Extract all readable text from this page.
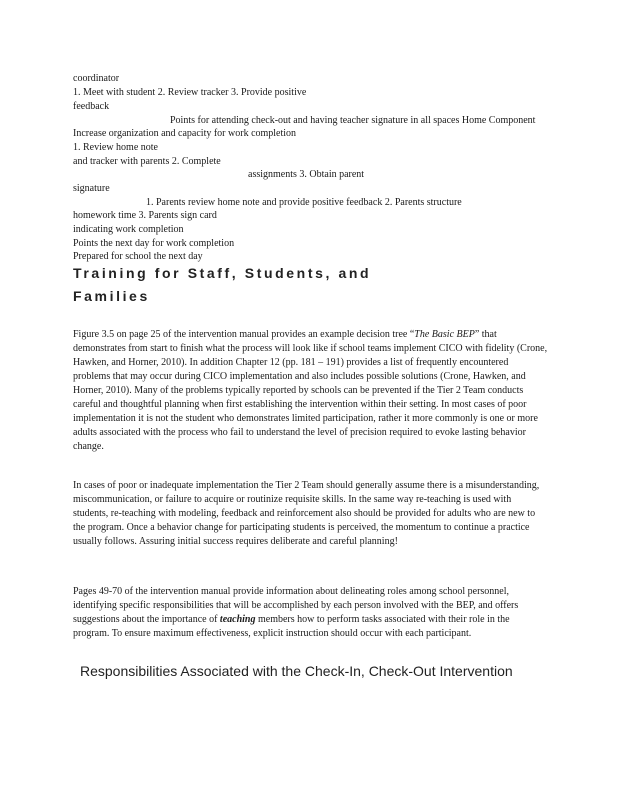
coordinator
1. Meet with student 2. Review tracker 3. Provide positive
feedback
Points for attending check-out and having teacher signature in all spaces Home Component
Increase organization and capacity for work completion
1. Review home note
and tracker with parents 2. Complete
assignments 3. Obtain parent
signature
1. Parents review home note and provide positive feedback 2. Parents structure
homework time 3. Parents sign card
indicating work completion
Points the next day for work completion
Prepared for school the next day
Training for Staff, Students, and
Families

Figure 3.5 on page 25 of the intervention manual provides an example decision tree “The Basic BEP” that demonstrates from start to finish what the process will look like if school teams implement CICO with fidelity (Crone, Hawken, and Horner, 2010). In addition Chapter 12 (pp. 181 – 191) provides a list of frequently encountered problems that may occur during CICO implementation and also includes possible solutions (Crone, Hawken, and Horner, 2010). Many of the problems typically reported by schools can be prevented if the Tier 2 Team conducts careful and thoughtful planning when first establishing the intervention within their setting. In most cases of poor implementation it is not the student who demonstrates limited participation, rather it more commonly is one or more adults associated with the process who fail to understand the level of precision required to evoke lasting behavior change.

In cases of poor or inadequate implementation the Tier 2 Team should generally assume there is a misunderstanding, miscommunication, or failure to acquire or routinize requisite skills. In the same way re-teaching is used with students, re-teaching with modeling, feedback and reinforcement also should be provided for adults who are new to the program. Once a behavior change for participating students is perceived, the momentum to continue a practice usually follows. Assuring initial success requires deliberate and careful planning!

Pages 49-70 of the intervention manual provide information about delineating roles among school personnel, identifying specific responsibilities that will be accomplished by each person involved with the BEP, and offers suggestions about the importance of teaching members how to perform tasks associated with their role in the program. To ensure maximum effectiveness, explicit instruction should occur with each participant.

Responsibilities Associated with the Check-In, Check-Out Intervention
